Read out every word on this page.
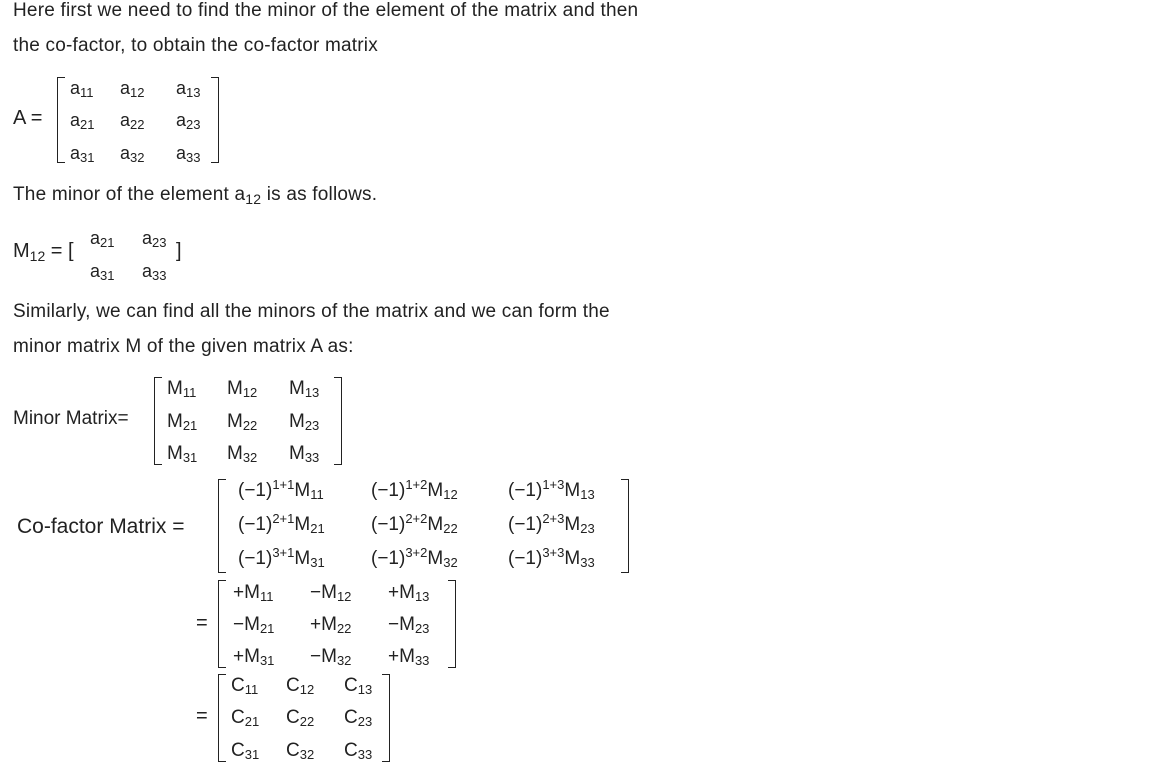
Here first we need to find the minor of the element of the matrix and then
the co-factor, to obtain the co-factor matrix
A =
$a_{11}$ $a_{12}$ $a_{13}$
$a_{21}$ $a_{22}$ $a_{23}$
$a_{31}$ $a_{32}$ $a_{33}$
The minor of the element $a_{12}$ is as follows.
$M_{12}$ = [	]
$a_{21}$ $a_{23}$
$a_{31}$ $a_{33}$
Similarly, we can find all the minors of the matrix and we can form the
minor matrix M of the given matrix A as:
Minor Matrix=
$M_{11}$ $M_{12}$ $M_{13}$
$M_{21}$ $M_{22}$ $M_{23}$
$M_{31}$ $M_{32}$ $M_{33}$
Co-factor Matrix =
$(-1)^{1+1}M_{11}$ $(-1)^{1+2}M_{12}$	$(-1)^{1+3}M_{13}$
$(-1)^{2+1}M_{21}$ $(-1)^{2+2}M_{22}$	$(-1)^{2+3}M_{23}$
$(-1)^{3+1}M_{31}$ $(-1)^{3+2}M_{32}$	$(-1)^{3+3}M_{33}$
=
$+M_{11} -M_{12} +M_{13}$
$-M_{21} +M_{22} -M_{23}$
$+M_{31} -M_{32} +M_{33}$
=
$C_{11}$ $C_{12}$ $C_{13}$
$C_{21}$ $C_{22}$ $C_{23}$
$C_{31}$ $C_{32}$ $C_{33}$
